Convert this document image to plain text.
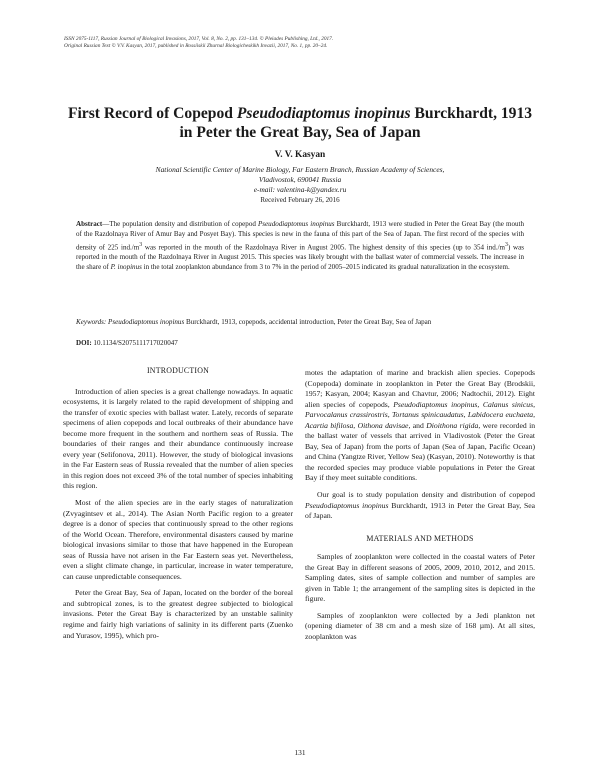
ISSN 2075-1117, Russian Journal of Biological Invasions, 2017, Vol. 8, No. 2, pp. 131–134. © Pleiades Publishing, Ltd., 2017.
Original Russian Text © V.V. Kasyan, 2017, published in Rossiiskii Zhurnal Biologicheskikh Invazii, 2017, No. 1, pp. 20–24.
First Record of Copepod Pseudodiaptomus inopinus Burckhardt, 1913
in Peter the Great Bay, Sea of Japan
V. V. Kasyan
National Scientific Center of Marine Biology, Far Eastern Branch, Russian Academy of Sciences,
Vladivostok, 690041 Russia
e-mail: valentina-k@yandex.ru
Received February 26, 2016
Abstract—The population density and distribution of copepod Pseudodiaptomus inopinus Burckhardt, 1913 were studied in Peter the Great Bay (the mouth of the Razdolnaya River of Amur Bay and Posyet Bay). This species is new in the fauna of this part of the Sea of Japan. The first record of the species with density of 225 $ind./m^3$ was reported in the mouth of the Razdolnaya River in August 2005. The highest density of this species (up to 354 $ind./m^3$) was reported in the mouth of the Razdolnaya River in August 2015. This species was likely brought with the ballast water of commercial vessels. The increase in the share of P. inopinus in the total zooplankton abundance from 3 to 7% in the period of 2005–2015 indicated its gradual naturalization in the ecosystem.
Keywords: Pseudodiaptomus inopinus Burckhardt, 1913, copepods, accidental introduction, Peter the Great Bay, Sea of Japan
DOI: 10.1134/S2075111717020047
INTRODUCTION

Introduction of alien species is a great challenge nowadays. In aquatic ecosystems, it is largely related to the rapid development of shipping and the transfer of exotic species with ballast water. Lately, records of separate specimens of alien copepods and local outbreaks of their abundance have become more frequent in the southern and northern seas of Russia. The boundaries of their ranges and their abundance continuously increase every year (Selifonova, 2011). However, the study of biological invasions in the Far Eastern seas of Russia revealed that the number of alien species in this region does not exceed 3% of the total number of species inhabiting this region.

Most of the alien species are in the early stages of naturalization (Zvyagintsev et al., 2014). The Asian North Pacific region to a greater degree is a donor of species that continuously spread to the other regions of the World Ocean. Therefore, environmental disasters caused by marine biological invasions similar to those that have happened in the European seas of Russia have not arisen in the Far Eastern seas yet. Nevertheless, even a slight climate change, in particular, increase in water temperature, can cause unpredictable consequences.

Peter the Great Bay, Sea of Japan, located on the border of the boreal and subtropical zones, is to the greatest degree subjected to biological invasions. Peter the Great Bay is characterized by an unstable salinity regime and fairly high variations of salinity in its different parts (Zuenko and Yurasov, 1995), which pro-

motes the adaptation of marine and brackish alien species. Copepods (Copepoda) dominate in zooplankton in Peter the Great Bay (Brodskii, 1957; Kasyan, 2004; Kasyan and Chavtur, 2006; Nadtochii, 2012). Eight alien species of copepods, Pseudodiaptomus inopinus, Calanus sinicus, Parvocalanus crassirostris, Tortanus spinicaudatus, Labidocera euchaeta, Acartia bifilosa, Oithona davisae, and Dioithona rigida, were recorded in the ballast water of vessels that arrived in Vladivostok (Peter the Great Bay, Sea of Japan) from the ports of Japan (Sea of Japan, Pacific Ocean) and China (Yangtze River, Yellow Sea) (Kasyan, 2010). Noteworthy is that the recorded species may produce viable populations in Peter the Great Bay if they meet suitable conditions.

Our goal is to study population density and distribution of copepod Pseudodiaptomus inopinus Burckhardt, 1913 in Peter the Great Bay, Sea of Japan.

MATERIALS AND METHODS

Samples of zooplankton were collected in the coastal waters of Peter the Great Bay in different seasons of 2005, 2009, 2010, 2012, and 2015. Sampling dates, sites of sample collection and number of samples are given in Table 1; the arrangement of the sampling sites is depicted in the figure.

Samples of zooplankton were collected by a Jedi plankton net (opening diameter of 38 cm and a mesh size of 168 µm). At all sites, zooplankton was

131
